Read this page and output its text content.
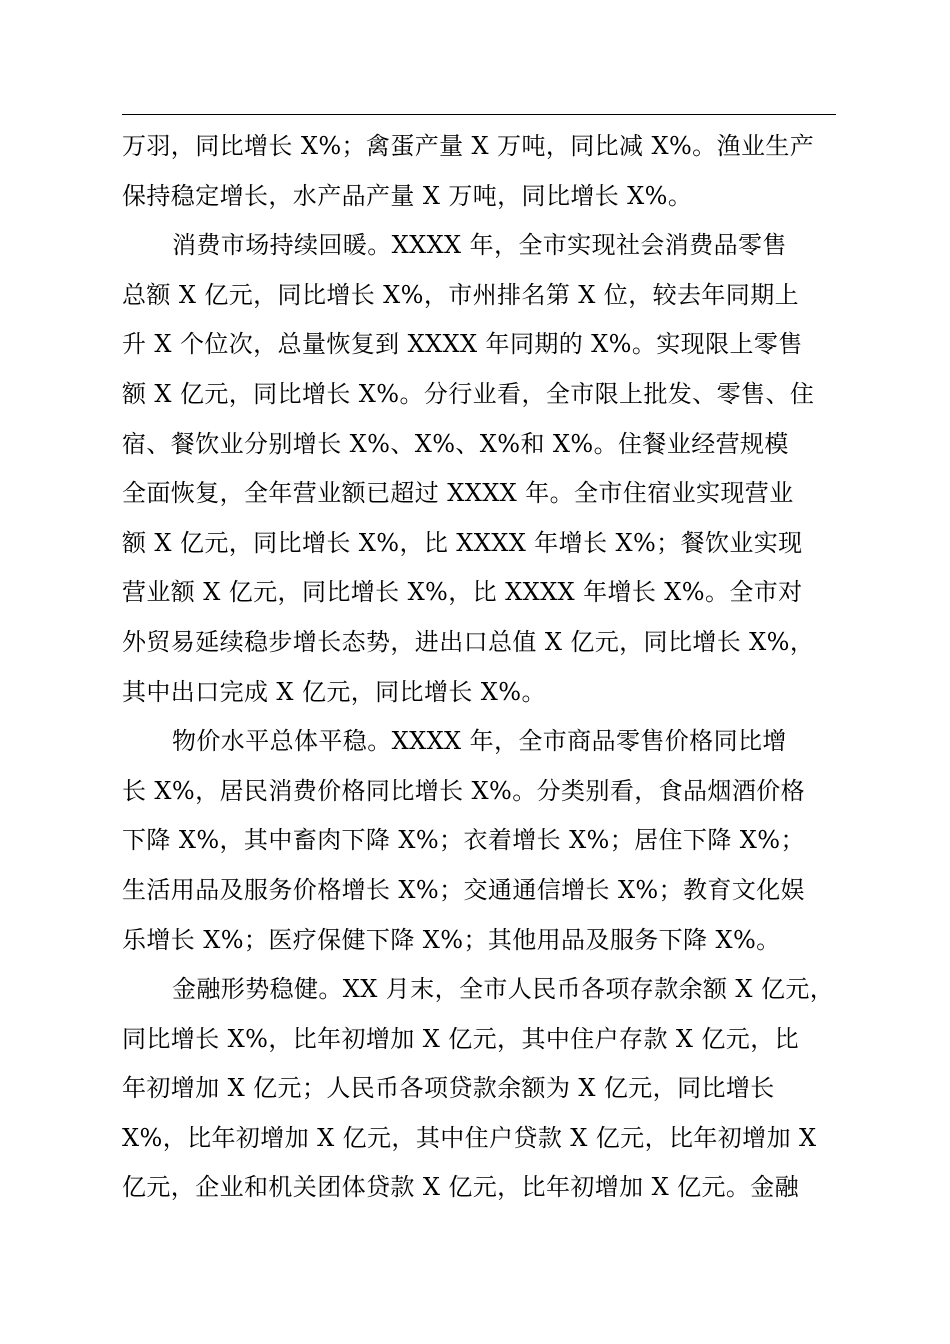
万羽，同比增长 X%；禽蛋产量 X 万吨，同比减 X%。渔业生产
保持稳定增长，水产品产量 X 万吨，同比增长 X%。
消费市场持续回暖。XXXX 年，全市实现社会消费品零售
总额 X 亿元，同比增长 X%，市州排名第 X 位，较去年同期上
升 X 个位次，总量恢复到 XXXX 年同期的 X%。实现限上零售
额 X 亿元，同比增长 X%。分行业看，全市限上批发、零售、住
宿、餐饮业分别增长 X%、X%、X%和 X%。住餐业经营规模
全面恢复，全年营业额已超过 XXXX 年。全市住宿业实现营业
额 X 亿元，同比增长 X%，比 XXXX 年增长 X%；餐饮业实现
营业额 X 亿元，同比增长 X%，比 XXXX 年增长 X%。全市对
外贸易延续稳步增长态势，进出口总值 X 亿元，同比增长 X%，
其中出口完成 X 亿元，同比增长 X%。
物价水平总体平稳。XXXX 年，全市商品零售价格同比增
长 X%，居民消费价格同比增长 X%。分类别看，食品烟酒价格
下降 X%，其中畜肉下降 X%；衣着增长 X%；居住下降 X%；
生活用品及服务价格增长 X%；交通通信增长 X%；教育文化娱
乐增长 X%；医疗保健下降 X%；其他用品及服务下降 X%。
金融形势稳健。XX 月末，全市人民币各项存款余额 X 亿元，
同比增长 X%，比年初增加 X 亿元，其中住户存款 X 亿元，比
年初增加 X 亿元；人民币各项贷款余额为 X 亿元，同比增长
X%，比年初增加 X 亿元，其中住户贷款 X 亿元，比年初增加 X
亿元，企业和机关团体贷款 X 亿元，比年初增加 X 亿元。金融
